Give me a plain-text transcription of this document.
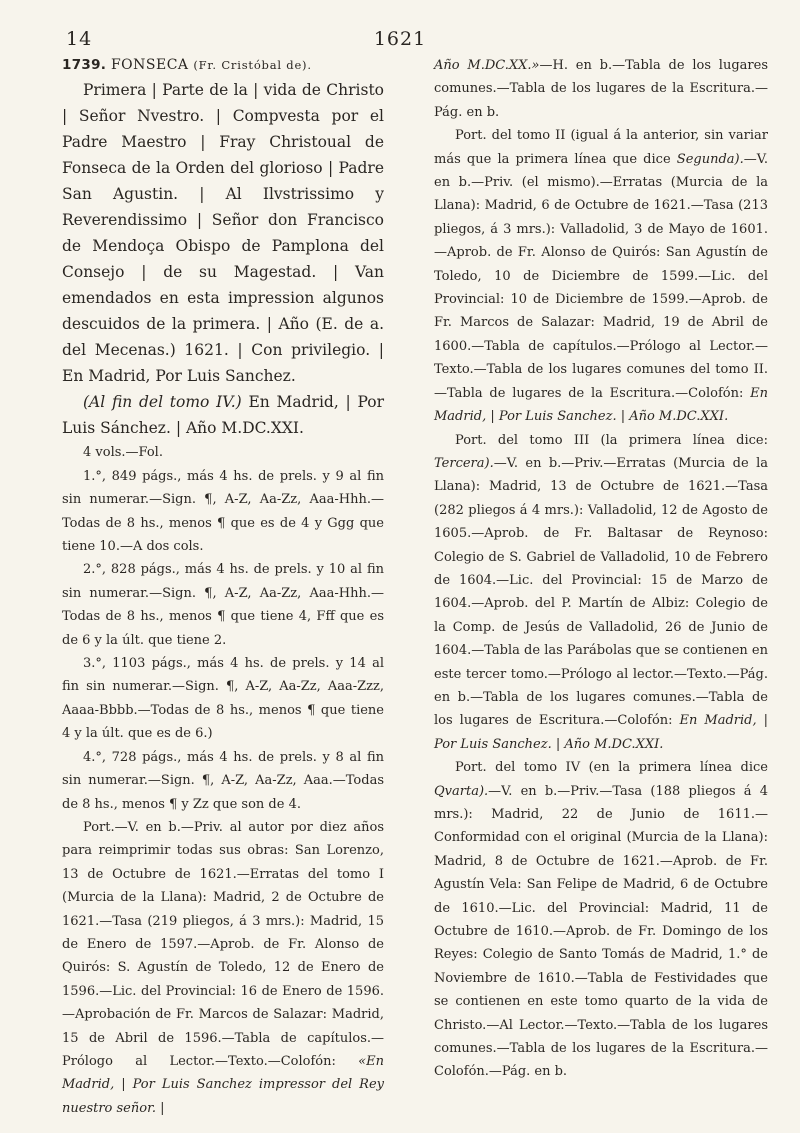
14	1621

1739. FONSECA (Fr. Cristóbal de).

Primera | Parte de la | vida de Christo | Señor Nvestro. | Compvesta por el Padre Maestro | Fray Christoual de Fonseca de la Orden del glorioso | Padre San Agustin. | Al Ilvstrissimo y Reverendissimo | Señor don Francisco de Mendoça Obispo de Pamplona del Consejo | de su Magestad. | Van emendados en esta impression algunos descuidos de la primera. | Año (E. de a. del Mecenas.) 1621. | Con privilegio. | En Madrid, Por Luis Sanchez.

(Al fin del tomo IV.) En Madrid, | Por Luis Sánchez. | Año M.DC.XXI.

4 vols.—Fol.

1.°, 849 págs., más 4 hs. de prels. y 9 al fin sin numerar.—Sign. ¶, A-Z, Aa-Zz, Aaa-Hhh.—Todas de 8 hs., menos ¶ que es de 4 y Ggg que tiene 10.—A dos cols.

2.°, 828 págs., más 4 hs. de prels. y 10 al fin sin numerar.—Sign. ¶, A-Z, Aa-Zz, Aaa-Hhh.—Todas de 8 hs., menos ¶ que tiene 4, Fff que es de 6 y la últ. que tiene 2.

3.°, 1103 págs., más 4 hs. de prels. y 14 al fin sin numerar.—Sign. ¶, A-Z, Aa-Zz, Aaa-Zzz, Aaaa-Bbbb.—Todas de 8 hs., menos ¶ que tiene 4 y la últ. que es de 6.)

4.°, 728 págs., más 4 hs. de prels. y 8 al fin sin numerar.—Sign. ¶, A-Z, Aa-Zz, Aaa.—Todas de 8 hs., menos ¶ y Zz que son de 4.

Port.—V. en b.—Priv. al autor por diez años para reimprimir todas sus obras: San Lorenzo, 13 de Octubre de 1621.—Erratas del tomo I (Murcia de la Llana): Madrid, 2 de Octubre de 1621.—Tasa (219 pliegos, á 3 mrs.): Madrid, 15 de Enero de 1597.—Aprob. de Fr. Alonso de Quirós: S. Agustín de Toledo, 12 de Enero de 1596.—Lic. del Provincial: 16 de Enero de 1596.—Aprobación de Fr. Marcos de Salazar: Madrid, 15 de Abril de 1596.—Tabla de capítulos.—Prólogo al Lector.—Texto.—Colofón: «En Madrid, | Por Luis Sanchez impressor del Rey nuestro señor. |

Año M.DC.XX.»—H. en b.—Tabla de los lugares comunes.—Tabla de los lugares de la Escritura.—Pág. en b.

Port. del tomo II (igual á la anterior, sin variar más que la primera línea que dice Segunda).—V. en b.—Priv. (el mismo).—Erratas (Murcia de la Llana): Madrid, 6 de Octubre de 1621.—Tasa (213 pliegos, á 3 mrs.): Valladolid, 3 de Mayo de 1601.—Aprob. de Fr. Alonso de Quirós: San Agustín de Toledo, 10 de Diciembre de 1599.—Lic. del Provincial: 10 de Diciembre de 1599.—Aprob. de Fr. Marcos de Salazar: Madrid, 19 de Abril de 1600.—Tabla de capítulos.—Prólogo al Lector.—Texto.—Tabla de los lugares comunes del tomo II.—Tabla de lugares de la Escritura.—Colofón: En Madrid, | Por Luis Sanchez. | Año M.DC.XXI.

Port. del tomo III (la primera línea dice: Tercera).—V. en b.—Priv.—Erratas (Murcia de la Llana): Madrid, 13 de Octubre de 1621.—Tasa (282 pliegos á 4 mrs.): Valladolid, 12 de Agosto de 1605.—Aprob. de Fr. Baltasar de Reynoso: Colegio de S. Gabriel de Valladolid, 10 de Febrero de 1604.—Lic. del Provincial: 15 de Marzo de 1604.—Aprob. del P. Martín de Albiz: Colegio de la Comp. de Jesús de Valladolid, 26 de Junio de 1604.—Tabla de las Parábolas que se contienen en este tercer tomo.—Prólogo al lector.—Texto.—Pág. en b.—Tabla de los lugares comunes.—Tabla de los lugares de Escritura.—Colofón: En Madrid, | Por Luis Sanchez. | Año M.DC.XXI.

Port. del tomo IV (en la primera línea dice Qvarta).—V. en b.—Priv.—Tasa (188 pliegos á 4 mrs.): Madrid, 22 de Junio de 1611.—Conformidad con el original (Murcia de la Llana): Madrid, 8 de Octubre de 1621.—Aprob. de Fr. Agustín Vela: San Felipe de Madrid, 6 de Octubre de 1610.—Lic. del Provincial: Madrid, 11 de Octubre de 1610.—Aprob. de Fr. Domingo de los Reyes: Colegio de Santo Tomás de Madrid, 1.° de Noviembre de 1610.—Tabla de Festividades que se contienen en este tomo quarto de la vida de Christo.—Al Lector.—Texto.—Tabla de los lugares comunes.—Tabla de los lugares de la Escritura.—Colofón.—Pág. en b.
